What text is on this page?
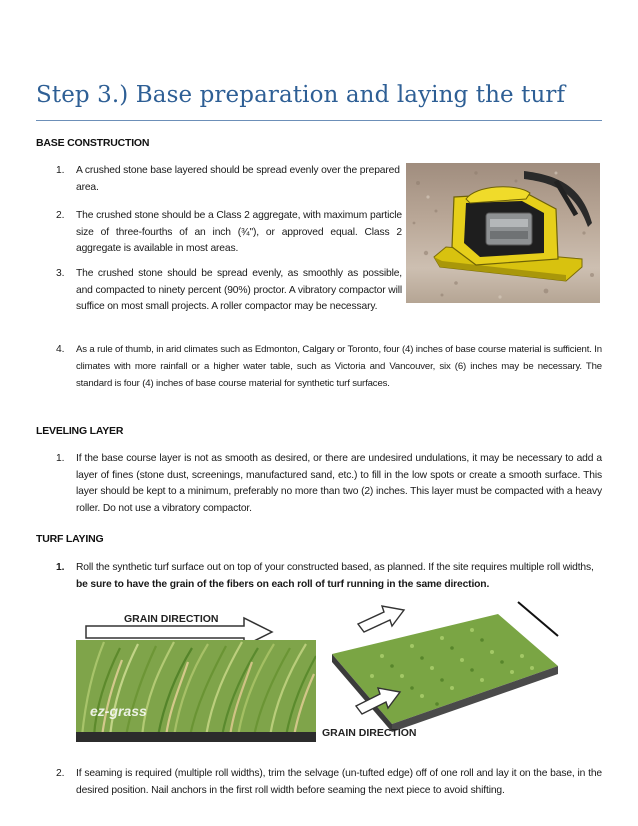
Step 3.) Base preparation and laying the turf
BASE CONSTRUCTION
1. A crushed stone base layered should be spread evenly over the prepared area.
2. The crushed stone should be a Class 2 aggregate, with maximum particle size of three-fourths of an inch (¾"), or approved equal. Class 2 aggregate is available in most areas.
3. The crushed stone should be spread evenly, as smoothly as possible, and compacted to ninety percent (90%) proctor. A vibratory compactor will suffice on most small projects. A roller compactor may be necessary.
4. As a rule of thumb, in arid climates such as Edmonton, Calgary or Toronto, four (4) inches of base course material is sufficient. In climates with more rainfall or a higher water table, such as Victoria and Vancouver, six (6) inches may be necessary. The standard is four (4) inches of base course material for synthetic turf surfaces.
LEVELING LAYER
1. If the base course layer is not as smooth as desired, or there are undesired undulations, it may be necessary to add a layer of fines (stone dust, screenings, manufactured sand, etc.) to fill in the low spots or create a smooth surface. This layer should be kept to a minimum, preferably no more than two (2) inches. This layer must be compacted with a heavy roller. Do not use a vibratory compactor.
TURF LAYING
1. Roll the synthetic turf surface out on top of your constructed based, as planned. If the site requires multiple roll widths, be sure to have the grain of the fibers on each roll of turf running in the same direction.
GRAIN DIRECTION
ez-grass
GRAIN DIRECTION
2. If seaming is required (multiple roll widths), trim the selvage (un-tufted edge) off of one roll and lay it on the base, in the desired position. Nail anchors in the first roll width before seaming the next piece to avoid shifting.
